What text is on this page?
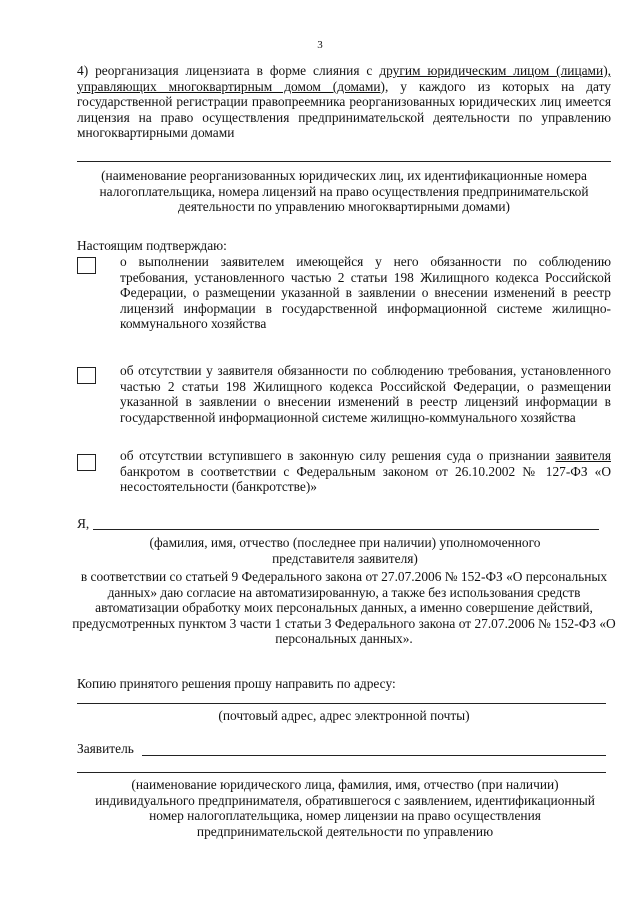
3
4) реорганизация лицензиата в форме слияния с другим юридическим лицом (лицами), управляющих многоквартирным домом (домами), у каждого из которых на дату государственной регистрации правопреемника реорганизованных юридических лиц имеется лицензия на право осуществления предпринимательской деятельности по управлению многоквартирными домами
(наименование реорганизованных юридических лиц, их идентификационные номера налогоплательщика, номера лицензий на право осуществления предпринимательской деятельности по управлению многоквартирными домами)
Настоящим подтверждаю:
о выполнении заявителем имеющейся у него обязанности по соблюдению требования, установленного частью 2 статьи 198 Жилищного кодекса Российской Федерации, о размещении указанной в заявлении о внесении изменений в реестр лицензий информации в государственной информационной системе жилищно-коммунального хозяйства
об отсутствии у заявителя обязанности по соблюдению требования, установленного частью 2 статьи 198 Жилищного кодекса Российской Федерации, о размещении указанной в заявлении о внесении изменений в реестр лицензий информации в государственной информационной системе жилищно-коммунального хозяйства
об отсутствии вступившего в законную силу решения суда о признании заявителя банкротом в соответствии с Федеральным законом от 26.10.2002 № 127-ФЗ «О несостоятельности (банкротстве)»
Я,
(фамилия, имя, отчество (последнее при наличии) уполномоченного представителя заявителя)
в соответствии со статьей 9 Федерального закона от 27.07.2006 № 152-ФЗ «О персональных данных» даю согласие на автоматизированную, а также без использования средств автоматизации обработку моих персональных данных, а именно совершение действий, предусмотренных пунктом 3 части 1 статьи 3 Федерального закона от 27.07.2006 № 152-ФЗ «О персональных данных».
Копию принятого решения прошу направить по адресу:
(почтовый адрес, адрес электронной почты)
Заявитель
(наименование юридического лица, фамилия, имя, отчество (при наличии) индивидуального предпринимателя, обратившегося с заявлением, идентификационный номер налогоплательщика, номер лицензии на право осуществления предпринимательской деятельности по управлению
